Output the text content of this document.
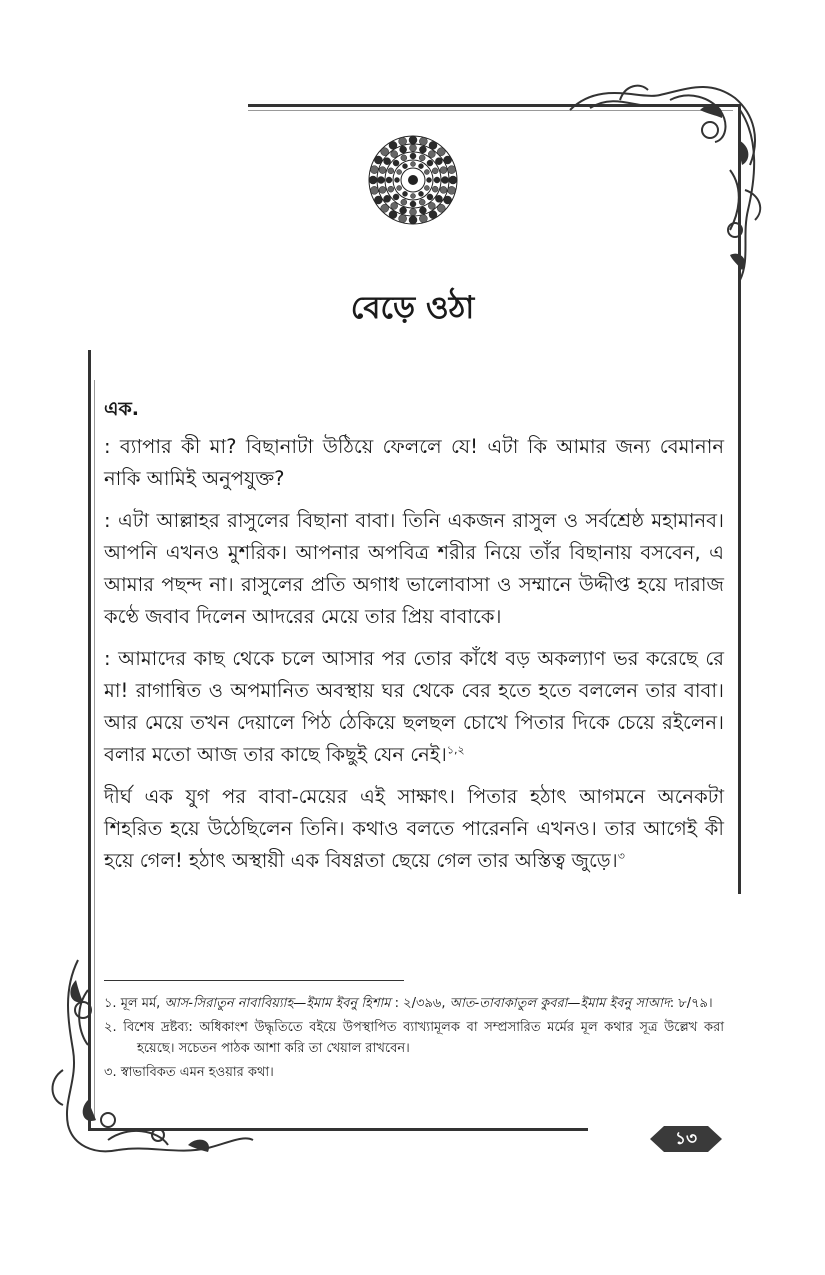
বেড়ে ওঠা
এক.

: ব্যাপার কী মা? বিছানাটা উঠিয়ে ফেললে যে! এটা কি আমার জন্য বেমানান নাকি আমিই অনুপযুক্ত?

: এটা আল্লাহর রাসুলের বিছানা বাবা। তিনি একজন রাসুল ও সর্বশ্রেষ্ঠ মহামানব। আপনি এখনও মুশরিক। আপনার অপবিত্র শরীর নিয়ে তাঁর বিছানায় বসবেন, এ আমার পছন্দ না। রাসুলের প্রতি অগাধ ভালোবাসা ও সম্মানে উদ্দীপ্ত হয়ে দারাজ কণ্ঠে জবাব দিলেন আদরের মেয়ে তার প্রিয় বাবাকে।

: আমাদের কাছ থেকে চলে আসার পর তোর কাঁধে বড় অকল্যাণ ভর করেছে রে মা! রাগান্বিত ও অপমানিত অবস্থায় ঘর থেকে বের হতে হতে বললেন তার বাবা। আর মেয়ে তখন দেয়ালে পিঠ ঠেকিয়ে ছলছল চোখে পিতার দিকে চেয়ে রইলেন। বলার মতো আজ তার কাছে কিছুই যেন নেই।$^{১,২}$

দীর্ঘ এক যুগ পর বাবা-মেয়ের এই সাক্ষাৎ। পিতার হঠাৎ আগমনে অনেকটা শিহরিত হয়ে উঠেছিলেন তিনি। কথাও বলতে পারেননি এখনও। তার আগেই কী হয়ে গেল! হঠাৎ অস্থায়ী এক বিষণ্ণতা ছেয়ে গেল তার অস্তিত্ব জুড়ে।$^৩$

১. মূল মর্ম, আস-সিরাতুন নাবাবিয়্যাহ—ইমাম ইবনু হিশাম : ২/৩৯৬, আত-তাবাকাতুল কুবরা—ইমাম ইবনু সাআদ: ৮/৭৯।

২. বিশেষ দ্রষ্টব্য: অধিকাংশ উদ্ধৃতিতে বইয়ে উপস্থাপিত ব্যাখ্যামূলক বা সম্প্রসারিত মর্মের মূল কথার সূত্র উল্লেখ করা হয়েছে। সচেতন পাঠক আশা করি তা খেয়াল রাখবেন।

৩. স্বাভাবিকত এমন হওয়ার কথা।

১৩
